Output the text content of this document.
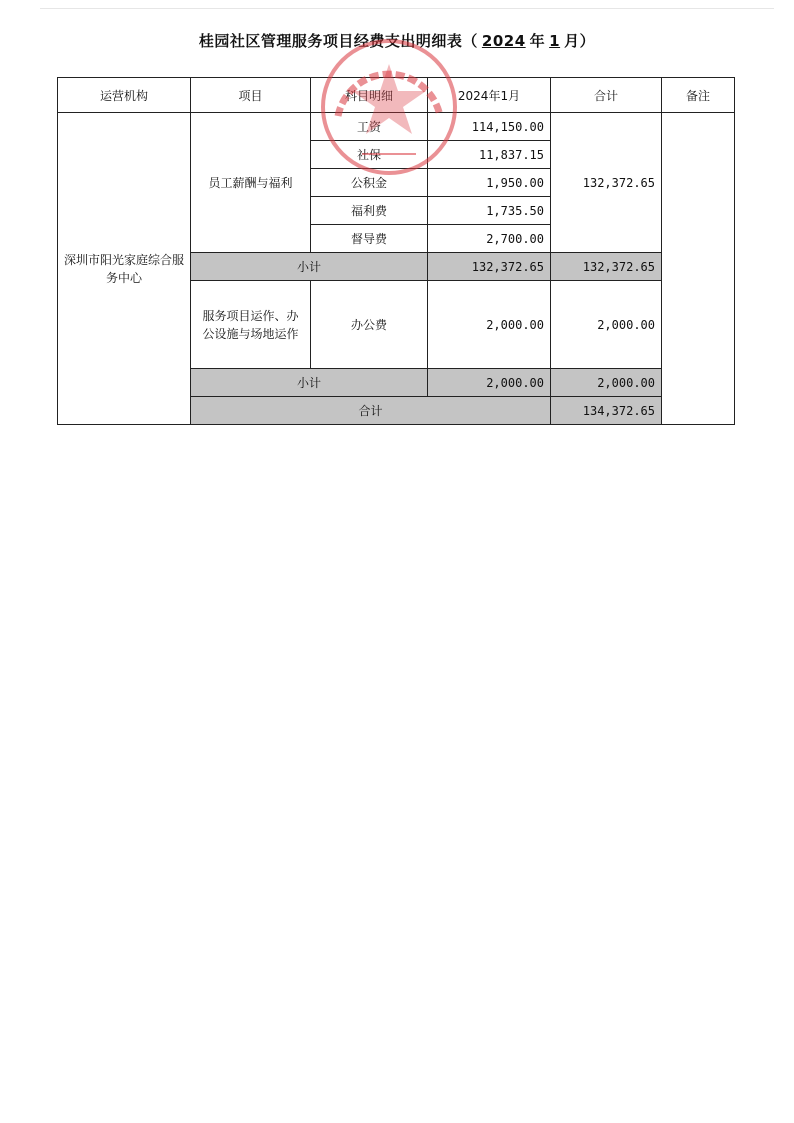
桂园社区管理服务项目经费支出明细表（ 2024 年 1 月）
运营机构	项目	科目明细	2024年1月	合计	备注
深圳市阳光家庭综合服务中心	员工薪酬与福利	工资	114,150.00	132,372.65	
		社保	11,837.15		
		公积金	1,950.00		
		福利费	1,735.50		
		督导费	2,700.00		
	小计		132,372.65	132,372.65	
	服务项目运作、办公设施与场地运作	办公费	2,000.00	2,000.00	
	小计		2,000.00	2,000.00	
	合计			134,372.65	
